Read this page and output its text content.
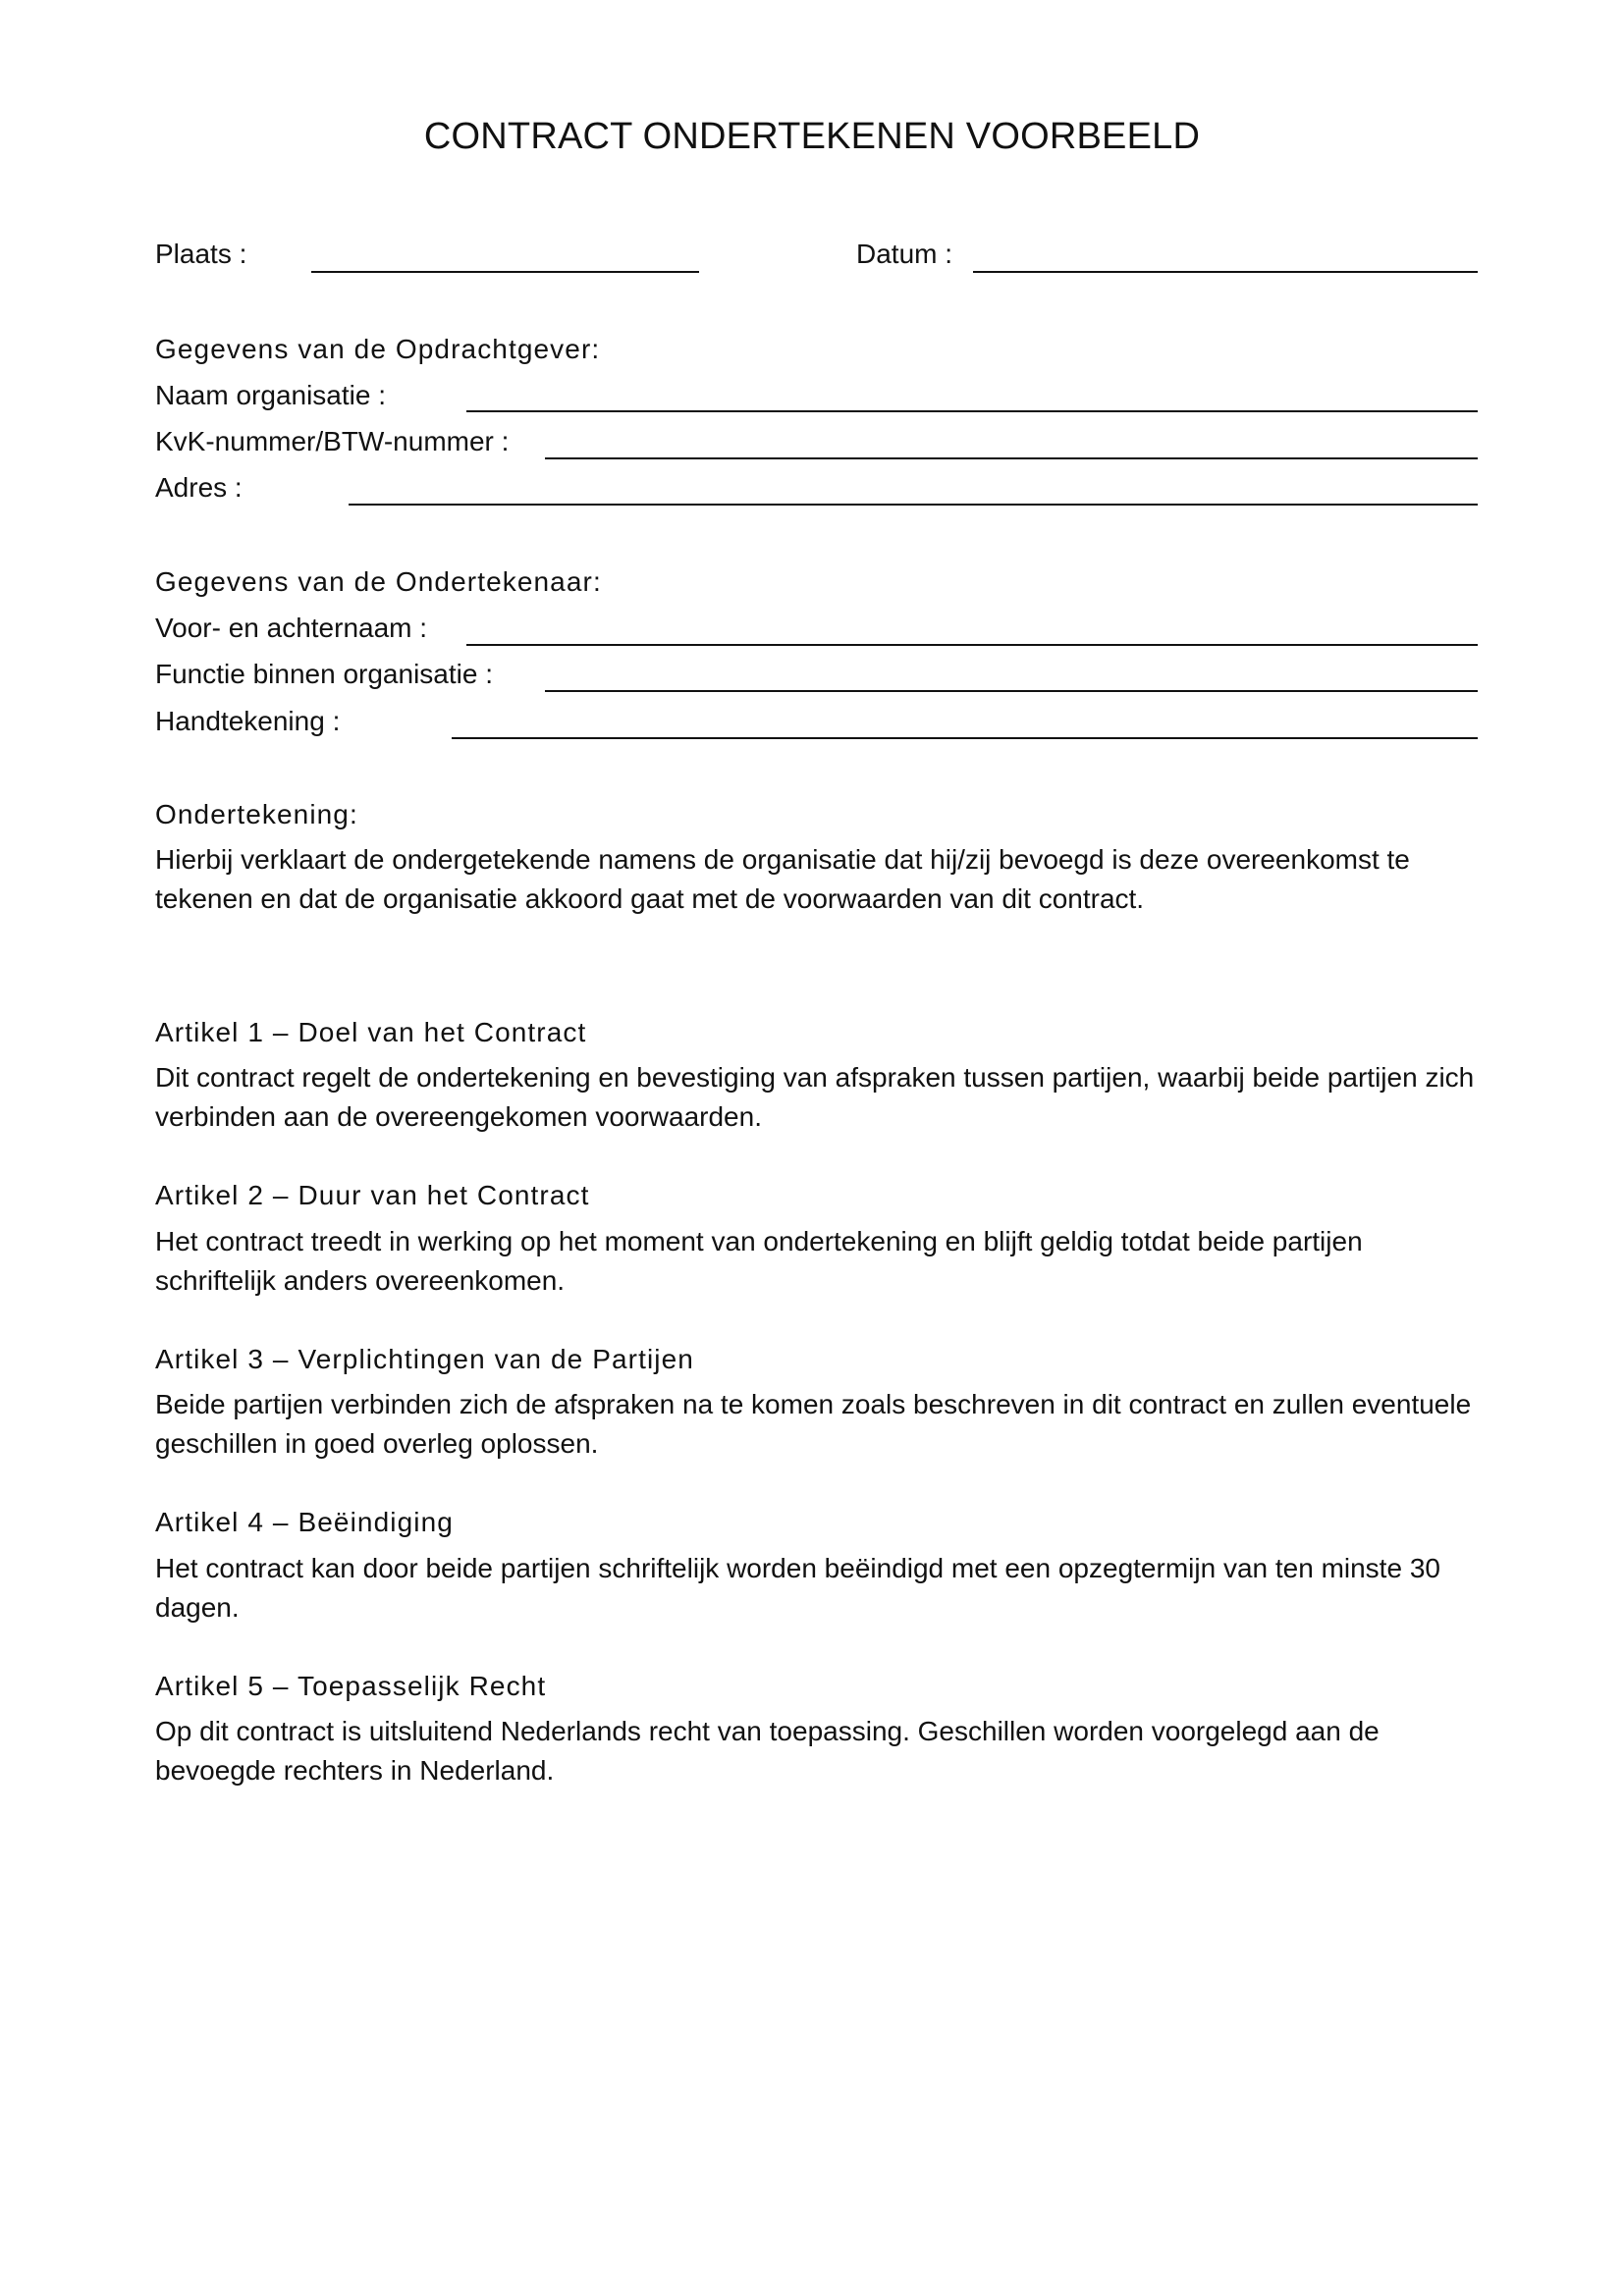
CONTRACT ONDERTEKENEN VOORBEELD
Plaats :	Datum :
Gegevens van de Opdrachtgever:
Naam organisatie :
KvK-nummer/BTW-nummer :
Adres :
Gegevens van de Ondertekenaar:
Voor- en achternaam :
Functie binnen organisatie :
Handtekening :
Ondertekening:
Hierbij verklaart de ondergetekende namens de organisatie dat hij/zij bevoegd is deze overeenkomst te tekenen en dat de organisatie akkoord gaat met de voorwaarden van dit contract.
Artikel 1 – Doel van het Contract
Dit contract regelt de ondertekening en bevestiging van afspraken tussen partijen, waarbij beide partijen zich verbinden aan de overeengekomen voorwaarden.
Artikel 2 – Duur van het Contract
Het contract treedt in werking op het moment van ondertekening en blijft geldig totdat beide partijen schriftelijk anders overeenkomen.
Artikel 3 – Verplichtingen van de Partijen
Beide partijen verbinden zich de afspraken na te komen zoals beschreven in dit contract en zullen eventuele geschillen in goed overleg oplossen.
Artikel 4 – Beëindiging
Het contract kan door beide partijen schriftelijk worden beëindigd met een opzegtermijn van ten minste 30 dagen.
Artikel 5 – Toepasselijk Recht
Op dit contract is uitsluitend Nederlands recht van toepassing. Geschillen worden voorgelegd aan de bevoegde rechters in Nederland.
